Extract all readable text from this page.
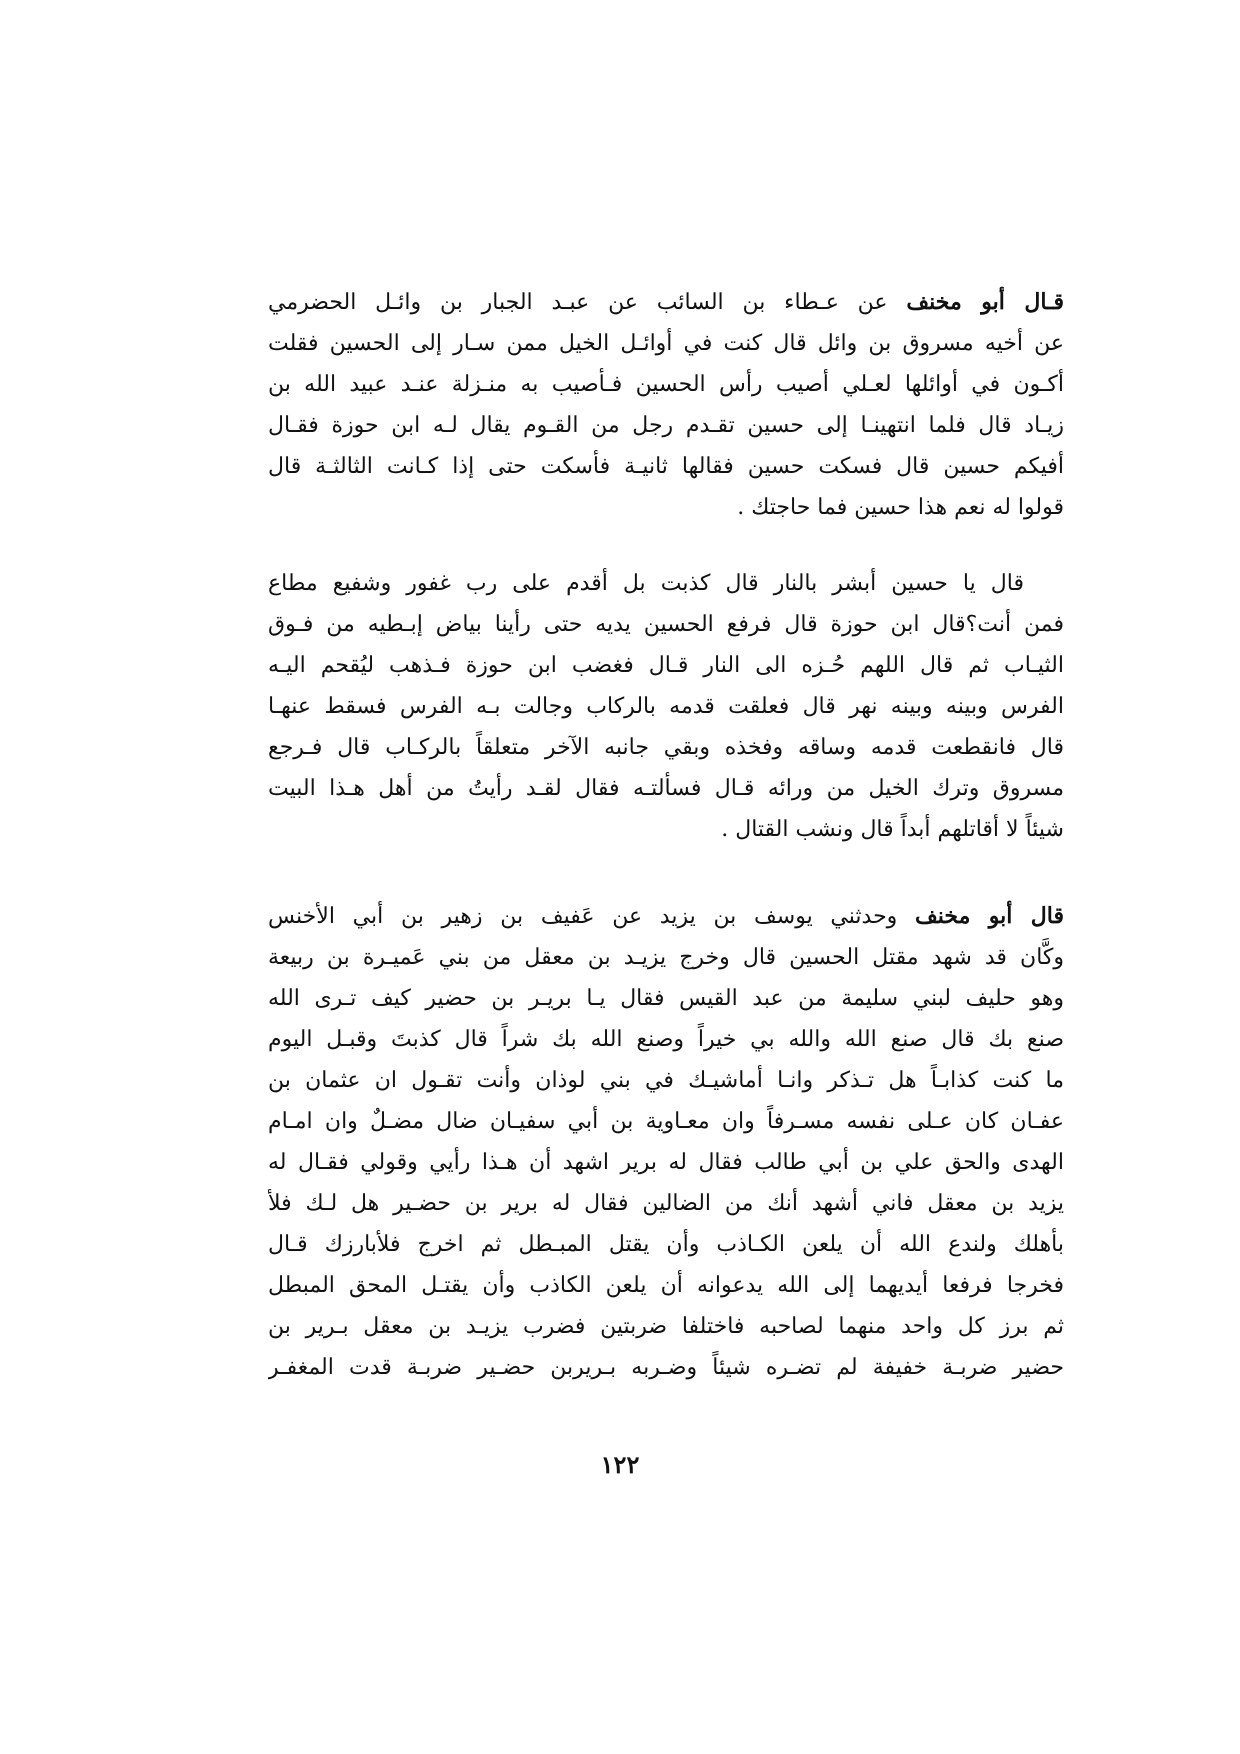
قـال أبو مخنف عن عـطاء بن السائب عن عبـد الجبار بن وائـل الحضرمي
عن أخيه مسروق بن وائل قال كنت في أوائـل الخيل ممن سـار إلى الحسين فقلت
أكـون في أوائلها لعـلي أصيب رأس الحسين فـأصيب به منـزلة عنـد عبيد الله بن
زيـاد قال فلما انتهينـا إلى حسين تقـدم رجل من القـوم يقال لـه ابن حوزة فقـال
أفيكم حسين قال فسكت حسين فقالها ثانيـة فأسكت حتى إذا كـانت الثالثـة قال
قولوا له نعم هذا حسين فما حاجتك .
قال يا حسين أبشر بالنار قال كذبت بل أقدم على رب غفور وشفيع مطاع
فمن أنت؟قال ابن حوزة قال فرفع الحسين يديه حتى رأينا بياض إبـطيه من فـوق
الثيـاب ثم قال اللهم حُـزه الى النار قـال فغضب ابن حوزة فـذهب ليُقحم اليـه
الفرس وبينه وبينه نهر قال فعلقت قدمه بالركاب وجالت بـه الفرس فسقط عنهـا
قال فانقطعت قدمه وساقه وفخذه وبقي جانبه الآخر متعلقاً بالركـاب قال فـرجع
مسروق وترك الخيل من ورائه قـال فسألتـه فقال لقـد رأيتُ من أهل هـذا البيت
شيئاً لا أقاتلهم أبداً قال ونشب القتال .
قال أبو مخنف وحدثني يوسف بن يزيد عن عَفيف بن زهير بن أبي الأخنس
وكَّان قد شهد مقتل الحسين قال وخرج يزيـد بن معقل من بني عَميـرة بن ربيعة
وهو حليف لبني سليمة من عبد القيس فقال يـا بريـر بن حضير كيف تـرى الله
صنع بك قال صنع الله والله بي خيراً وصنع الله بك شراً قال كذبتَ وقبـل اليوم
ما كنت كذابـاً هل تـذكر وانـا أماشيـك في بني لوذان وأنت تقـول ان عثمان بن
عفـان كان عـلى نفسه مسـرفاً وان معـاوية بن أبي سفيـان ضال مضـلٌ وان امـام
الهدى والحق علي بن أبي طالب فقال له برير اشهد أن هـذا رأيي وقولي فقـال له
يزيد بن معقل فاني أشهد أنك من الضالين فقال له برير بن حضـير هل لـك فلأ
بأهلك ولندع الله أن يلعن الكـاذب وأن يقتل المبـطل ثم اخرج فلأبارزك قـال
فخرجا فرفعا أيديهما إلى الله يدعوانه أن يلعن الكاذب وأن يقتـل المحق المبطل
ثم برز كل واحد منهما لصاحبه فاختلفا ضربتين فضرب يزيـد بن معقل بـرير بن
حضير ضربـة خفيفة لم تضـره شيئاً وضـربه بـريربن حضـير ضربـة قدت المغفـر
١٢٢
